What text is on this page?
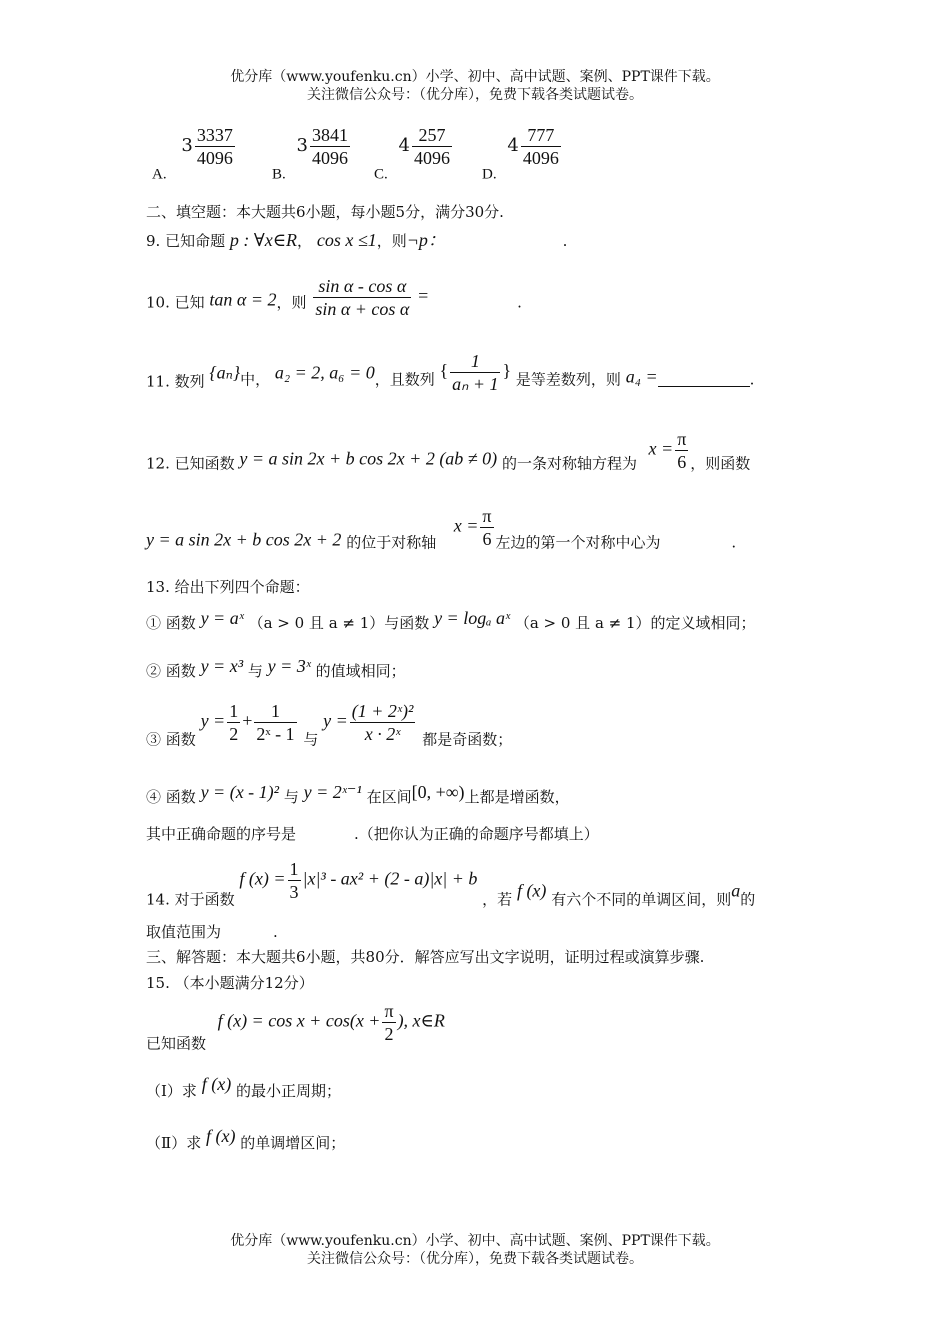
优分库（www.youfenku.cn）小学、初中、高中试题、案例、PPT课件下载。
关注微信公众号：（优分库），免费下载各类试题试卷。
A. $3 \frac{3337}{4096}$
B. $3 \frac{3841}{4096}$
C. $4 \frac{257}{4096}$
D. $4 \frac{777}{4096}$
二、填空题：本大题共6小题，每小题5分，满分30分.
9. 已知命题 p : ∀x∈R， cos x ≤1，则¬p：	.
10. 已知 tan α = 2，则 $\frac{\text{sin α - cos α}}{\text{sin α + cos α}}$ =	.
11. 数列 {aₙ}中， a₂ = 2, a₆ = 0，且数列 { $\frac{1}{\text{aₙ + 1}}$ } 是等差数列，则 a₄ =	.
12. 已知函数 y = a sin 2x + b cos 2x + 2 (ab ≠ 0) 的一条对称轴方程为  $x = \frac{\pi}{6}$ ，则函数
y = a sin 2x + b cos 2x + 2 的位于对称轴  $x = \frac{\pi}{6}$ 左边的第一个对称中心为	.
13. 给出下列四个命题：
① 函数 y = aˣ （a > 0 且 a ≠ 1）与函数 y = logₐ aˣ （a > 0 且 a ≠ 1）的定义域相同；
② 函数 y = x³ 与 y = 3ˣ 的值域相同；
③ 函数 $y = \frac{1}{2} + \frac{1}{\text{2ˣ - 1}}$ 与 $y = \frac{\text{(1 + 2ˣ)²}}{\text{x · 2ˣ}}$ 都是奇函数；
④ 函数 y = (x - 1)² 与 y = 2ˣ⁻¹ 在区间[0, +∞)上都是增函数，
其中正确命题的序号是	.（把你认为正确的命题序号都填上）
14. 对于函数 f $(x) = \frac{1}{3} |x|^3 - ax^2 + (2 - a)|x| + b$ ，若 f (x) 有六个不同的单调区间，则a的
取值范围为	.
三、解答题：本大题共6小题，共80分．解答应写出文字说明，证明过程或演算步骤.
15. （本小题满分12分）
已知函数  f $(x) = \cos x + \cos(x + \frac{\pi}{2}$ ), x∈R
（Ⅰ）求 f (x) 的最小正周期；
（Ⅱ）求 f (x) 的单调增区间；
优分库（www.youfenku.cn）小学、初中、高中试题、案例、PPT课件下载。
关注微信公众号：（优分库），免费下载各类试题试卷。
